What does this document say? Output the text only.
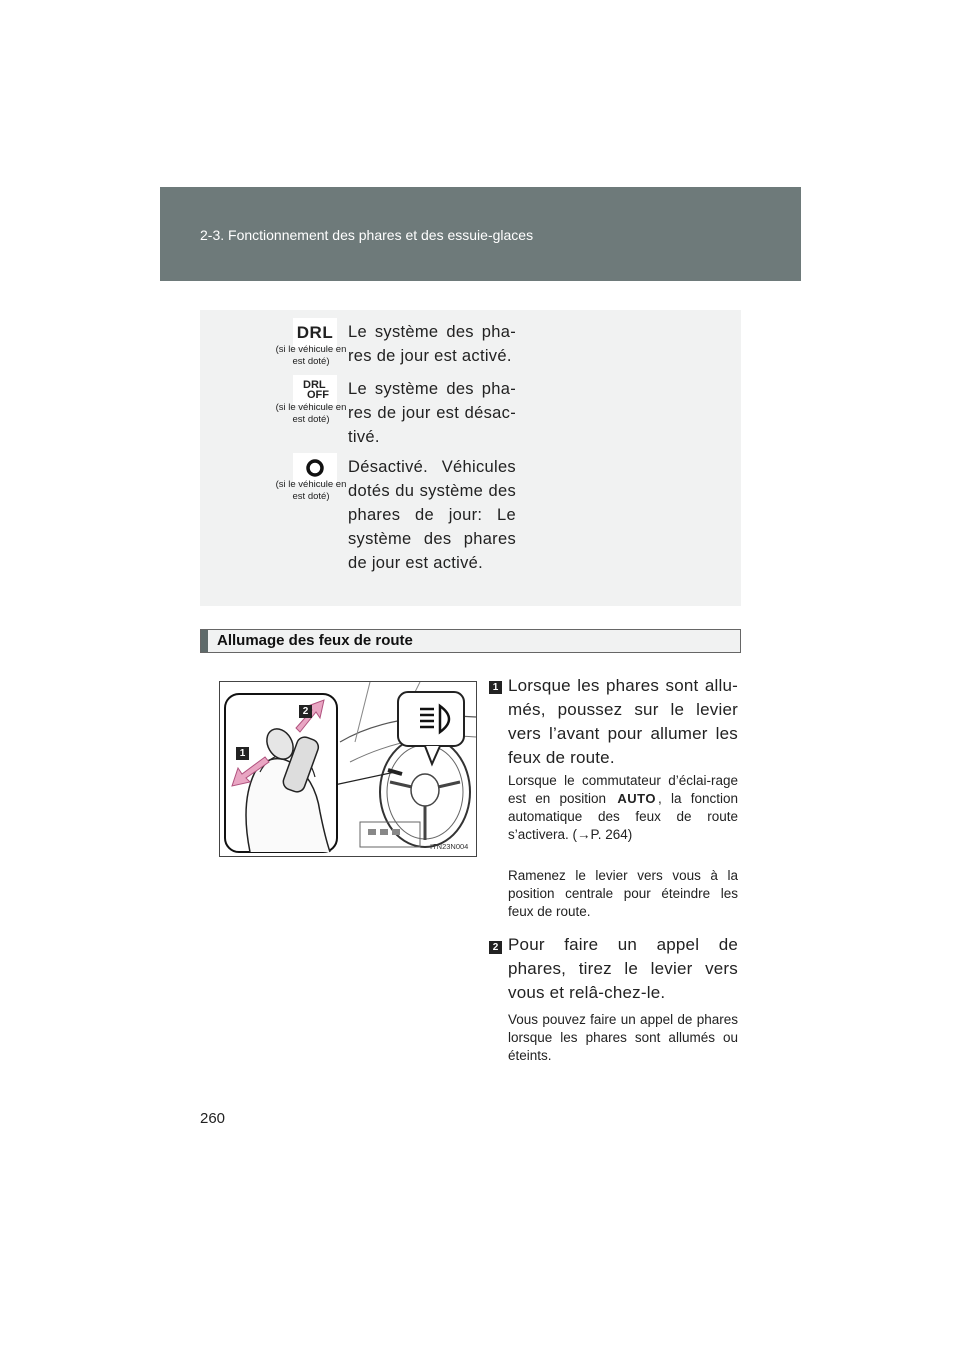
2-3. Fonctionnement des phares et des essuie-glaces
DRL
(si le véhicule en est doté)
Le système des pha-res de jour est activé.
DRL
OFF
(si le véhicule en est doté)
Le système des pha-res de jour est désac-tivé.
(si le véhicule en est doté)
Désactivé. Véhicules dotés du système des phares de jour: Le système des phares de jour est activé.
Allumage des feux de route
2
1
ITN23N004
1 Lorsque les phares sont allu-més, poussez sur le levier vers l’avant pour allumer les feux de route.
Lorsque le commutateur d’éclai-rage est en position AUTO , la fonction automatique des feux de route s’activera. (→P. 264)
Ramenez le levier vers vous à la position centrale pour éteindre les feux de route.
2 Pour faire un appel de phares, tirez le levier vers vous et relâ-chez-le.
Vous pouvez faire un appel de phares lorsque les phares sont allumés ou éteints.
260
